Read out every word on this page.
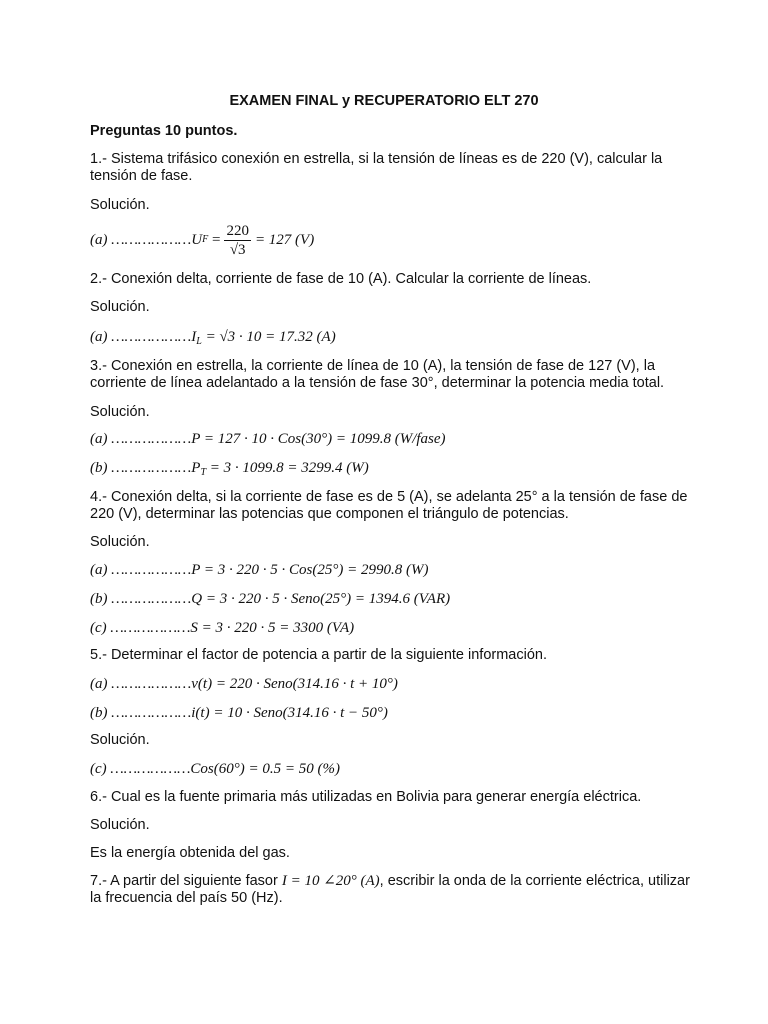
EXAMEN FINAL y RECUPERATORIO ELT 270
Preguntas 10 puntos.
1.- Sistema trifásico conexión en estrella, si la tensión de líneas es de 220 (V), calcular la
tensión de fase.
Solución.
(a) ……………… U $F = \frac{220}{√3} = 127$ (V)
2.- Conexión delta, corriente de fase de 10 (A). Calcular la corriente de líneas.
Solución.
(a) $\dots\dots\dots\dots\dots\dots I_L = √3 \cdot 10 = 17.32$ (A)
3.- Conexión en estrella, la corriente de línea de 10 (A), la tensión de fase de 127 (V), la
corriente de línea adelantado a la tensión de fase 30°, determinar la potencia media total.
Solución.
(a) ………………P = 127 · 10 · Cos(30°) = 1099.8 (W/fase)
(b) $\dots\dots\dots\dots\dots\dots P_T = 3 \cdot 1099.8 = 3299.4$ (W)
4.- Conexión delta, si la corriente de fase es de 5 (A), se adelanta 25° a la tensión de fase de
220 (V), determinar las potencias que componen el triángulo de potencias.
Solución.
(a) ………………P = 3 · 220 · 5 · Cos(25°) = 2990.8 (W)
(b) ………………Q = 3 · 220 · 5 · Seno(25°) = 1394.6 (VAR)
(c) ………………S = 3 · 220 · 5 = 3300 (VA)
5.- Determinar el factor de potencia a partir de la siguiente información.
(a) ………………v(t) = 220 · Seno(314.16 · t + 10°)
(b) ………………i(t) = 10 · Seno(314.16 · t − 50°)
Solución.
(c) ………………Cos(60°) = 0.5 = 50 (%)
6.- Cual es la fuente primaria más utilizadas en Bolivia para generar energía eléctrica.
Solución.
Es la energía obtenida del gas.
7.- A partir del siguiente fasor I = 10 ∠20° (A), escribir la onda de la corriente eléctrica, utilizar
la frecuencia del país 50 (Hz).
